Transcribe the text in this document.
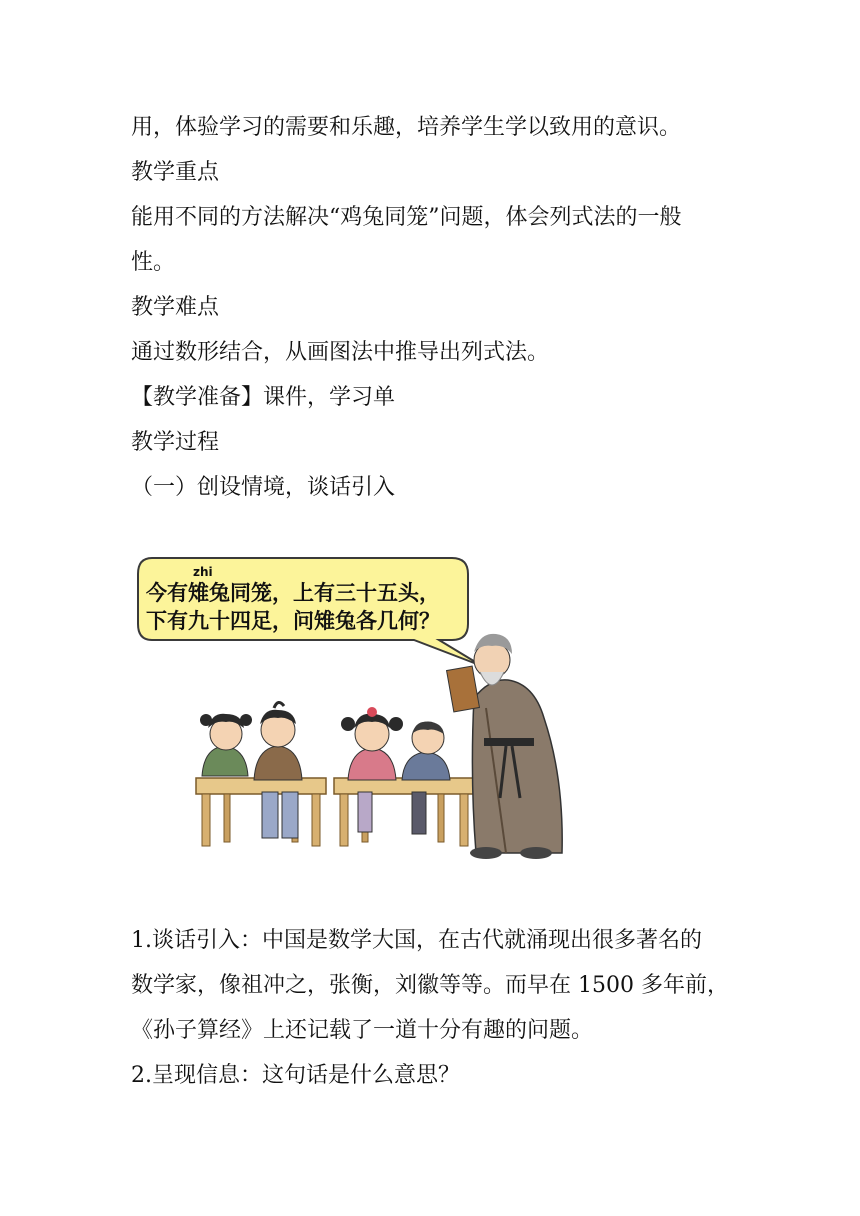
用，体验学习的需要和乐趣，培养学生学以致用的意识。
教学重点
能用不同的方法解决“鸡兔同笼”问题，体会列式法的一般
性。
教学难点
通过数形结合，从画图法中推导出列式法。
【教学准备】课件，学习单
教学过程
（一）创设情境，谈话引入
zhi
今有雉兔同笼，上有三十五头，
下有九十四足，问雉兔各几何？
1.谈话引入：中国是数学大国，在古代就涌现出很多著名的
数学家，像祖冲之，张衡，刘徽等等。而早在 1500 多年前，
《孙子算经》上还记载了一道十分有趣的问题。
2.呈现信息：这句话是什么意思？
